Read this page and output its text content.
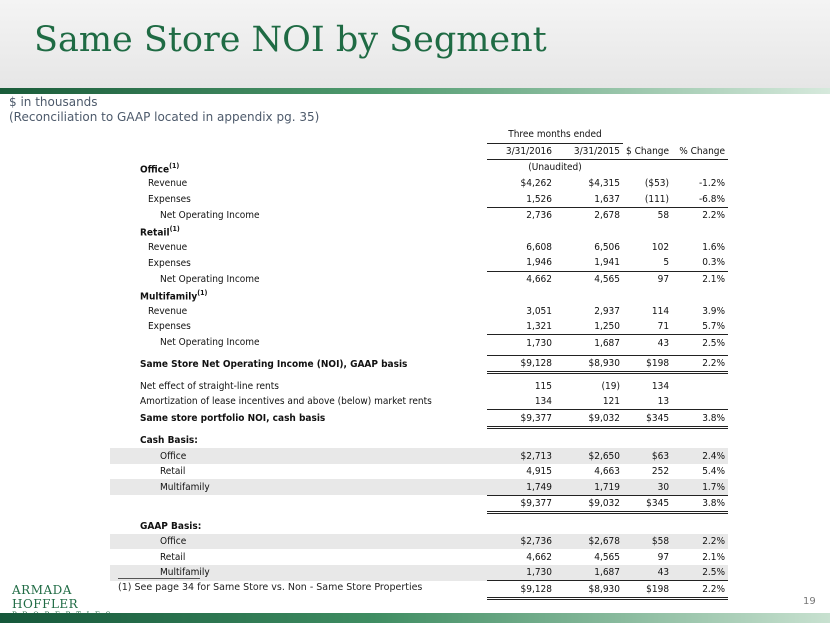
Same Store NOI by Segment
$ in thousands
(Reconciliation to GAAP located in appendix pg. 35)
	Three months ended			
	3/31/2016	3/31/2015	$ Change	% Change
Office$^{(1)}$	(Unaudited)			
Revenue	$4,262	$4,315	($53)	-1.2%
Expenses	1,526	1,637	(111)	-6.8%
Net Operating Income	2,736	2,678	58	2.2%
Retail$^{(1)}$				
Revenue	6,608	6,506	102	1.6%
Expenses	1,946	1,941	5	0.3%
Net Operating Income	4,662	4,565	97	2.1%
Multifamily$^{(1)}$				
Revenue	3,051	2,937	114	3.9%
Expenses	1,321	1,250	71	5.7%
Net Operating Income	1,730	1,687	43	2.5%

Same Store Net Operating Income (NOI), GAAP basis	$9,128	$8,930	$198	2.2%

Net effect of straight-line rents	115	(19)	134	
Amortization of lease incentives and above (below) market rents	134	121	13	
Same store portfolio NOI, cash basis	$9,377	$9,032	$345	3.8%

Cash Basis:				
Office	$2,713	$2,650	$63	2.4%
Retail	4,915	4,663	252	5.4%
Multifamily	1,749	1,719	30	1.7%
	$9,377	$9,032	$345	3.8%

GAAP Basis:				
Office	$2,736	$2,678	$58	2.2%
Retail	4,662	4,565	97	2.1%
Multifamily	1,730	1,687	43	2.5%
	$9,128	$8,930	$198	2.2%
ARMADA HOFFLER
(1) See page 34 for Same Store vs. Non - Same Store Properties
19
